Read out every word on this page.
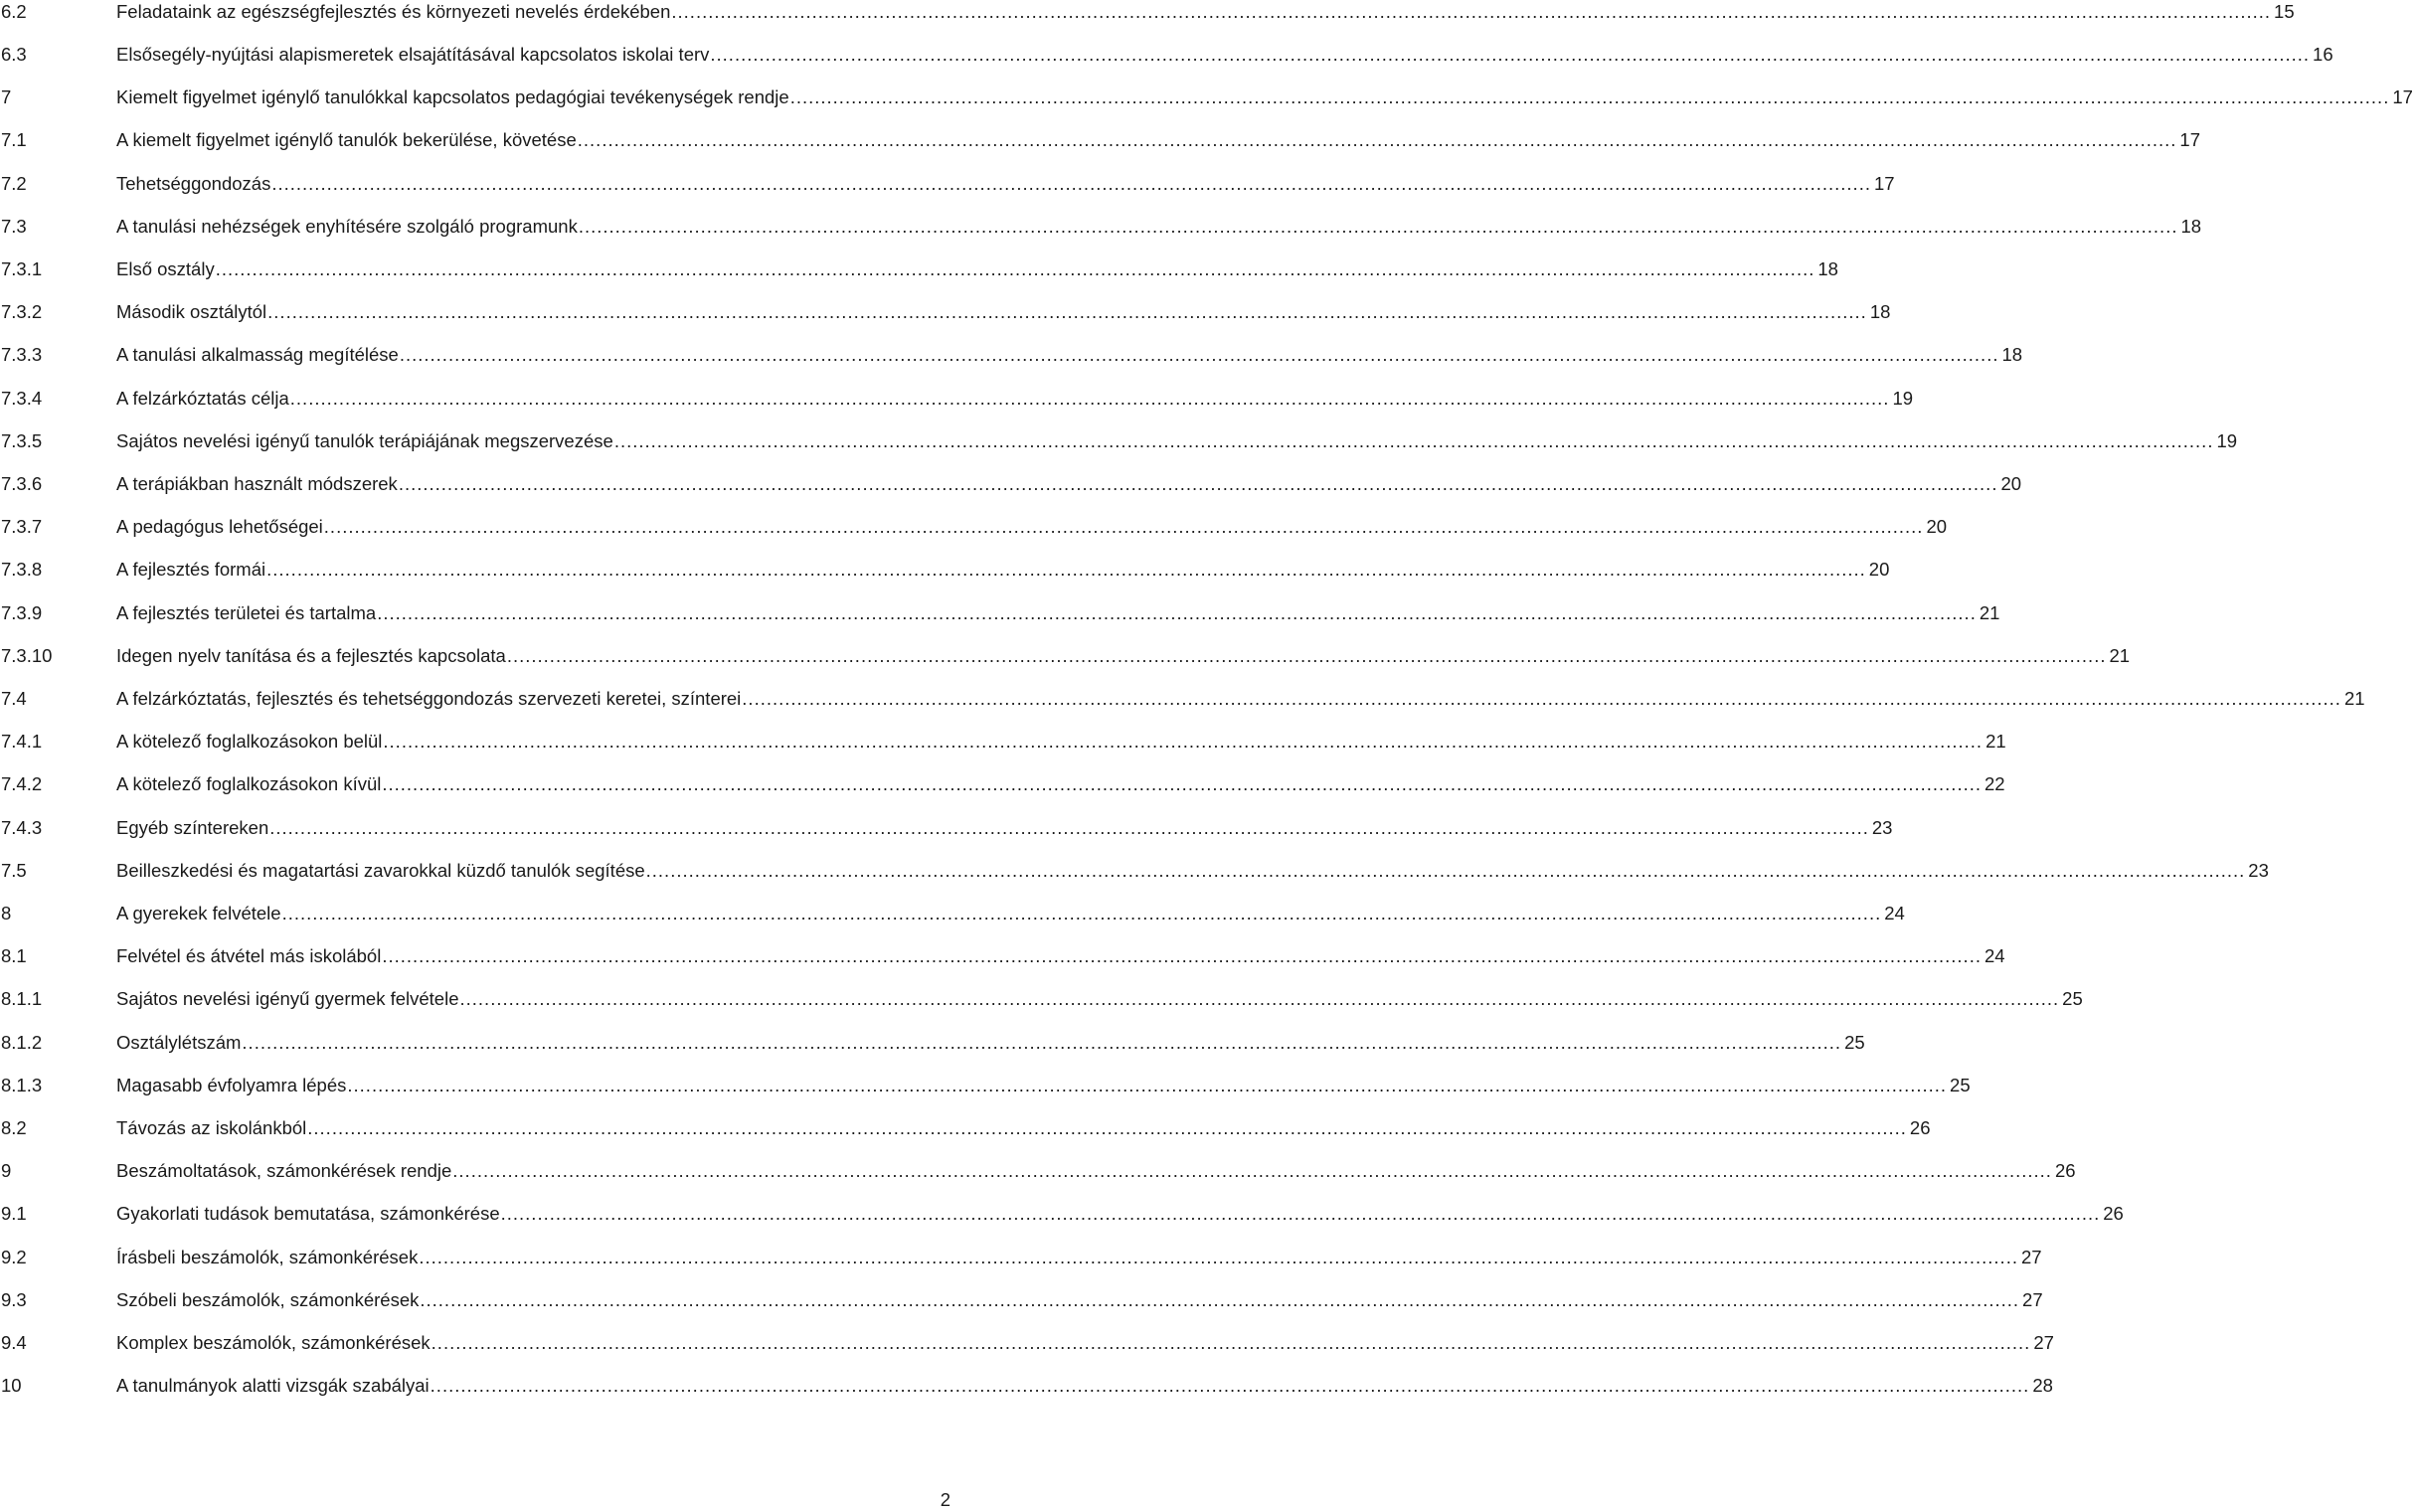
6.2	Feladataink az egészségfejlesztés és környezeti nevelés érdekében .....	15
6.3	Elsősegély-nyújtási alapismeretek elsajátításával kapcsolatos iskolai terv .....	16
7	Kiemelt figyelmet igénylő tanulókkal kapcsolatos pedagógiai tevékenységek rendje .....	17
7.1	A kiemelt figyelmet igénylő tanulók bekerülése, követése .....	17
7.2	Tehetséggondozás .....	17
7.3	A tanulási nehézségek enyhítésére szolgáló programunk .....	18
7.3.1	Első osztály .....	18
7.3.2	Második osztálytól .....	18
7.3.3	A tanulási alkalmasság megítélése .....	18
7.3.4	A felzárkóztatás célja .....	19
7.3.5	Sajátos nevelési igényű tanulók terápiájának megszervezése .....	19
7.3.6	A terápiákban használt módszerek .....	20
7.3.7	A pedagógus lehetőségei .....	20
7.3.8	A fejlesztés formái .....	20
7.3.9	A fejlesztés területei és tartalma .....	21
7.3.10	Idegen nyelv tanítása és a fejlesztés kapcsolata .....	21
7.4	A felzárkóztatás, fejlesztés és tehetséggondozás szervezeti keretei, színterei .....	21
7.4.1	A kötelező foglalkozásokon belül .....	21
7.4.2	A kötelező foglalkozásokon kívül .....	22
7.4.3	Egyéb színtereken .....	23
7.5	Beilleszkedési és magatartási zavarokkal küzdő tanulók segítése .....	23
8	A gyerekek felvétele .....	24
8.1	Felvétel és átvétel más iskolából .....	24
8.1.1	Sajátos nevelési igényű gyermek felvétele .....	25
8.1.2	Osztálylétszám .....	25
8.1.3	Magasabb évfolyamra lépés .....	25
8.2	Távozás az iskolánkból .....	26
9	Beszámoltatások, számonkérések rendje .....	26
9.1	Gyakorlati tudások bemutatása, számonkérése .....	26
9.2	Írásbeli beszámolók, számonkérések .....	27
9.3	Szóbeli beszámolók, számonkérések .....	27
9.4	Komplex beszámolók, számonkérések .....	27
10	A tanulmányok alatti vizsgák szabályai .....	28
2
